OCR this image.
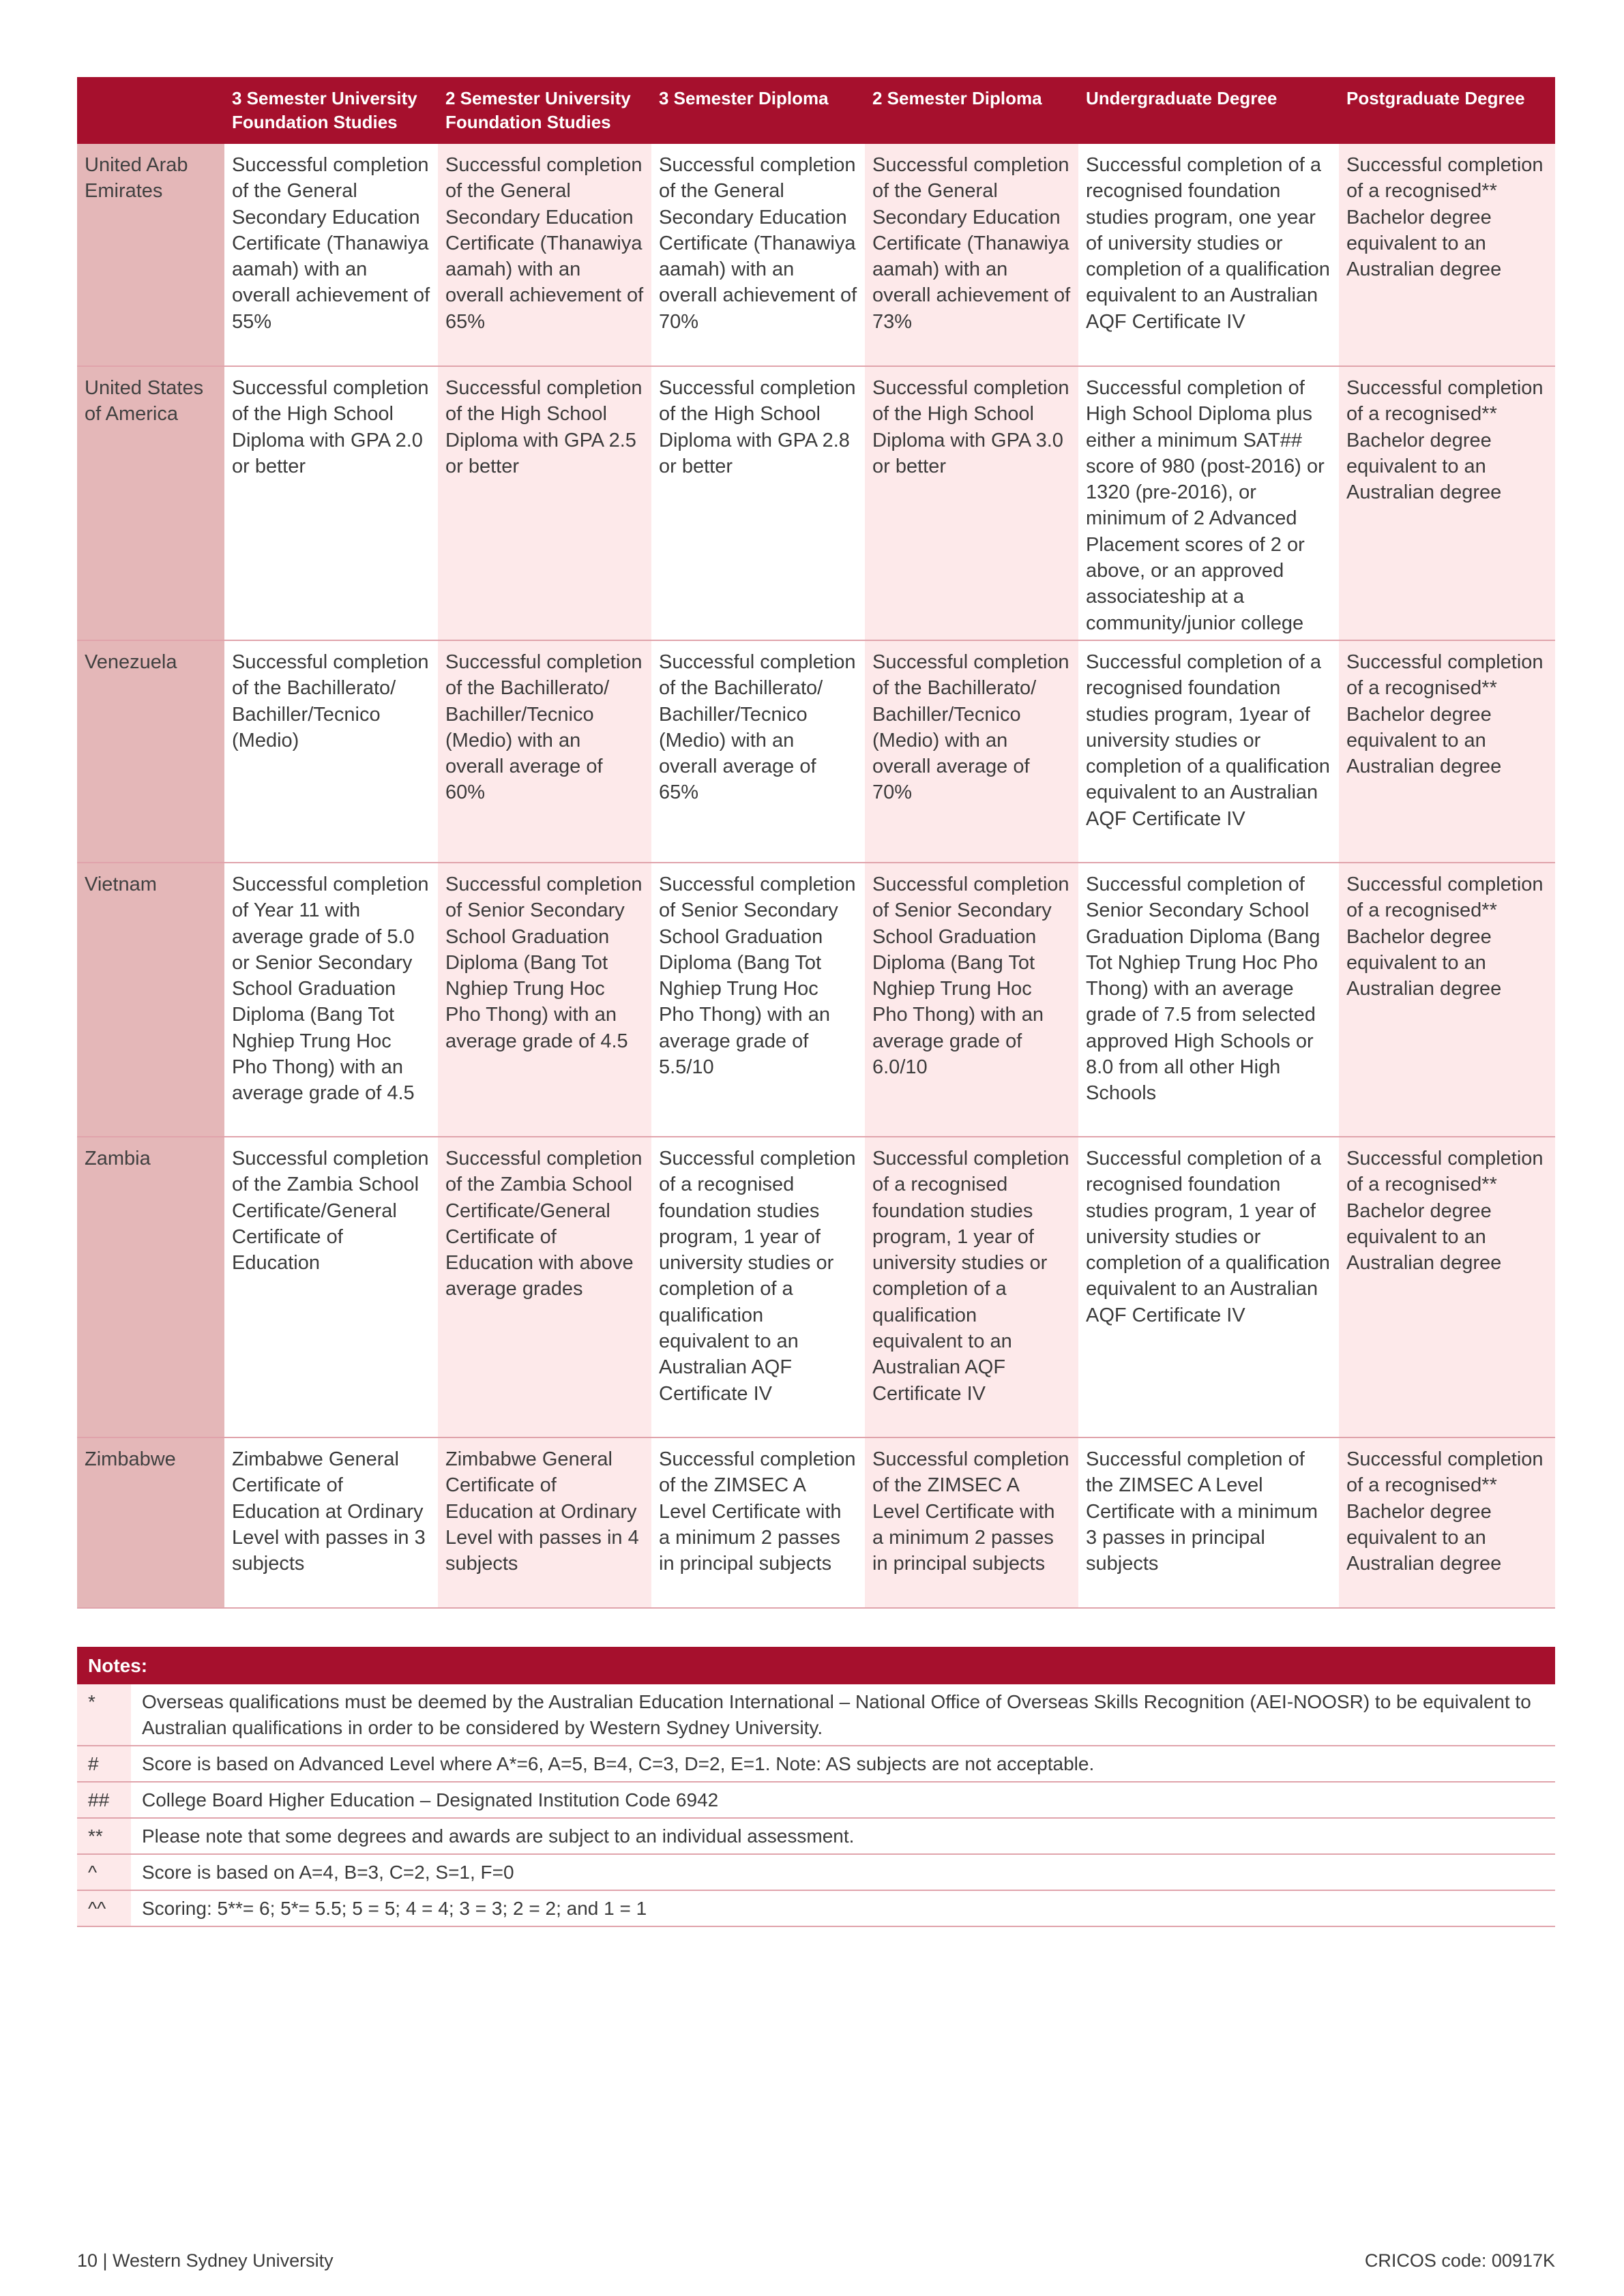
	3 Semester University Foundation Studies	2 Semester University Foundation Studies	3 Semester Diploma	2 Semester Diploma	Undergraduate Degree	Postgraduate Degree
United Arab Emirates	Successful completion of the General Secondary Education Certificate (Thanawiya aamah) with an overall achievement of 55%	Successful completion of the General Secondary Education Certificate (Thanawiya aamah) with an overall achievement of 65%	Successful completion of the General Secondary Education Certificate (Thanawiya aamah) with an overall achievement of 70%	Successful completion of the General Secondary Education Certificate (Thanawiya aamah) with an overall achievement of 73%	Successful completion of a recognised foundation studies program, one year of university studies or completion of a qualification equivalent to an Australian AQF Certificate IV	Successful completion of a recognised** Bachelor degree equivalent to an Australian degree
United States of America	Successful completion of the High School Diploma with GPA 2.0 or better	Successful completion of the High School Diploma with GPA 2.5 or better	Successful completion of the High School Diploma with GPA 2.8 or better	Successful completion of the High School Diploma with GPA 3.0 or better	Successful completion of High School Diploma plus either a minimum SAT## score of 980 (post-2016) or 1320 (pre-2016), or minimum of 2 Advanced Placement scores of 2 or above, or an approved associateship at a community/junior college	Successful completion of a recognised** Bachelor degree equivalent to an Australian degree
Venezuela	Successful completion of the Bachillerato/ Bachiller/Tecnico (Medio)	Successful completion of the Bachillerato/ Bachiller/Tecnico (Medio) with an overall average of 60%	Successful completion of the Bachillerato/ Bachiller/Tecnico (Medio) with an overall average of 65%	Successful completion of the Bachillerato/ Bachiller/Tecnico (Medio) with an overall average of 70%	Successful completion of a recognised foundation studies program, 1year of university studies or completion of a qualification equivalent to an Australian AQF Certificate IV	Successful completion of a recognised** Bachelor degree equivalent to an Australian degree
Vietnam	Successful completion of Year 11 with average grade of 5.0 or Senior Secondary School Graduation Diploma (Bang Tot Nghiep Trung Hoc Pho Thong) with an average grade of 4.5	Successful completion of Senior Secondary School Graduation Diploma (Bang Tot Nghiep Trung Hoc Pho Thong) with an average grade of 4.5	Successful completion of Senior Secondary School Graduation Diploma (Bang Tot Nghiep Trung Hoc Pho Thong) with an average grade of 5.5/10	Successful completion of Senior Secondary School Graduation Diploma (Bang Tot Nghiep Trung Hoc Pho Thong) with an average grade of 6.0/10	Successful completion of Senior Secondary School Graduation Diploma (Bang Tot Nghiep Trung Hoc Pho Thong) with an average grade of 7.5 from selected approved High Schools or 8.0 from all other High Schools	Successful completion of a recognised** Bachelor degree equivalent to an Australian degree
Zambia	Successful completion of the Zambia School Certificate/General Certificate of Education	Successful completion of the Zambia School Certificate/General Certificate of Education with above average grades	Successful completion of a recognised foundation studies program, 1 year of university studies or completion of a qualification equivalent to an Australian AQF Certificate IV	Successful completion of a recognised foundation studies program, 1 year of university studies or completion of a qualification equivalent to an Australian AQF Certificate IV	Successful completion of a recognised foundation studies program, 1 year of university studies or completion of a qualification equivalent to an Australian AQF Certificate IV	Successful completion of a recognised** Bachelor degree equivalent to an Australian degree
Zimbabwe	Zimbabwe General Certificate of Education at Ordinary Level with passes in 3 subjects	Zimbabwe General Certificate of Education at Ordinary Level with passes in 4 subjects	Successful completion of the ZIMSEC A Level Certificate with a minimum 2 passes in principal subjects	Successful completion of the ZIMSEC A Level Certificate with a minimum 2 passes in principal subjects	Successful completion of the ZIMSEC A Level Certificate with a minimum 3 passes in principal subjects	Successful completion of a recognised** Bachelor degree equivalent to an Australian degree
Notes:
*	Overseas qualifications must be deemed by the Australian Education International – National Office of Overseas Skills Recognition (AEI-NOOSR) to be equivalent to Australian qualifications in order to be considered by Western Sydney University.
#	Score is based on Advanced Level where A*=6, A=5, B=4, C=3, D=2, E=1. Note: AS subjects are not acceptable.
##	College Board Higher Education – Designated Institution Code 6942
**	Please note that some degrees and awards are subject to an individual assessment.
^	Score is based on A=4, B=3, C=2, S=1, F=0
^^	Scoring: 5**= 6; 5*= 5.5; 5 = 5; 4 = 4; 3 = 3; 2 = 2; and 1 = 1
10 | Western Sydney University	CRICOS code: 00917K
